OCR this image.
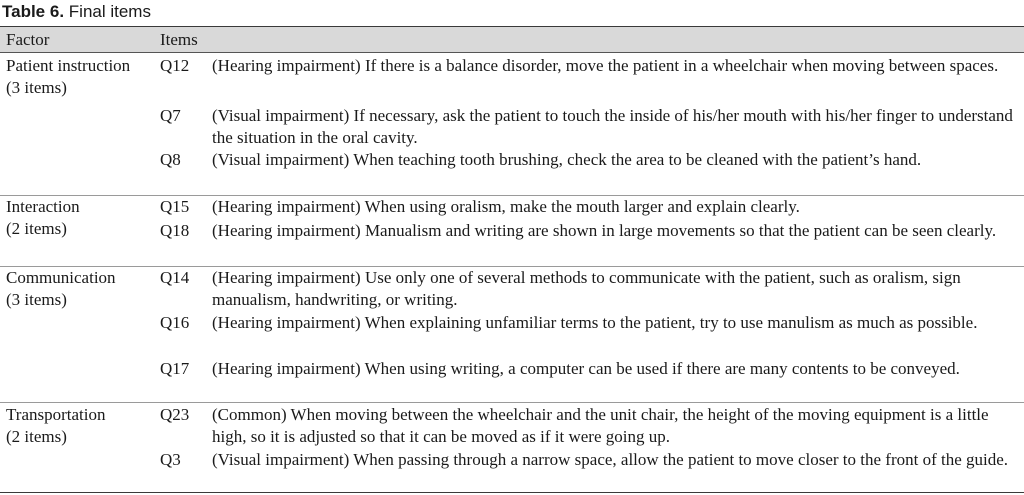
Table 6. Final items
Factor	Items
Patient instruction
(3 items)
Q12	(Hearing impairment) If there is a balance disorder, move the patient in a wheelchair when moving between spaces.
Q7	(Visual impairment) If necessary, ask the patient to touch the inside of his/her mouth with his/her finger to understand the situation in the oral cavity.
Q8	(Visual impairment) When teaching tooth brushing, check the area to be cleaned with the patient’s hand.
Interaction
(2 items)
Q15	(Hearing impairment) When using oralism, make the mouth larger and explain clearly.
Q18	(Hearing impairment) Manualism and writing are shown in large movements so that the patient can be seen clearly.
Communication
(3 items)
Q14	(Hearing impairment) Use only one of several methods to communicate with the patient, such as oralism, sign manualism, handwriting, or writing.
Q16	(Hearing impairment) When explaining unfamiliar terms to the patient, try to use manulism as much as possible.
Q17	(Hearing impairment) When using writing, a computer can be used if there are many contents to be conveyed.
Transportation
(2 items)
Q23	(Common) When moving between the wheelchair and the unit chair, the height of the moving equipment is a little high, so it is adjusted so that it can be moved as if it were going up.
Q3	(Visual impairment) When passing through a narrow space, allow the patient to move closer to the front of the guide.
